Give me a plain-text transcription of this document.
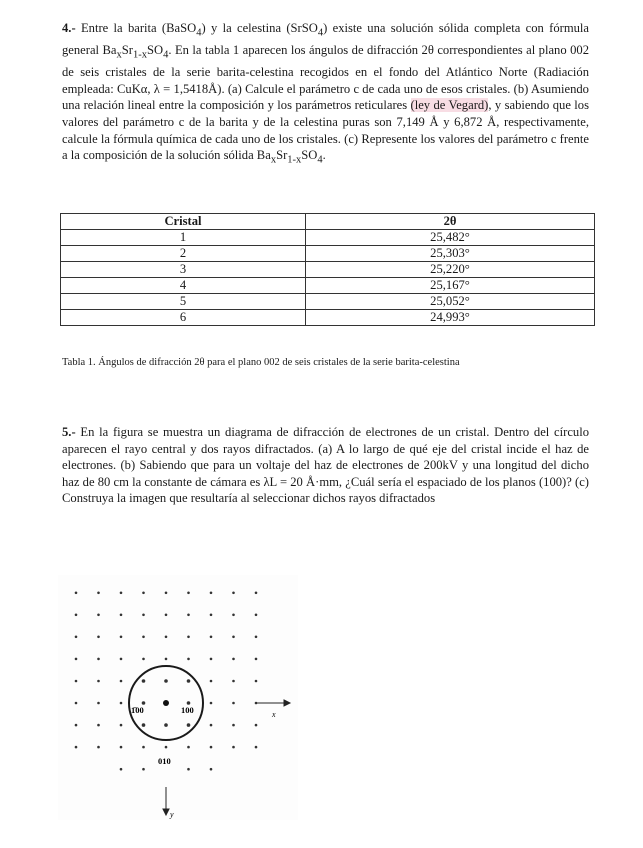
4.- Entre la barita (BaSO$_4$) y la celestina (SrSO$_4$) existe una solución sólida completa con fórmula general $Ba_xSr_{1-x}SO_4$. En la tabla 1 aparecen los ángulos de difracción 2θ correspondientes al plano 002 de seis cristales de la serie barita-celestina recogidos en el fondo del Atlántico Norte (Radiación empleada: CuKα, λ = 1,5418Å). (a) Calcule el parámetro c de cada uno de esos cristales. (b) Asumiendo una relación lineal entre la composición y los parámetros reticulares (ley de Vegard), y sabiendo que los valores del parámetro c de la barita y de la celestina puras son 7,149 Å y 6,872 Å, respectivamente, calcule la fórmula química de cada uno de los cristales. (c) Represente los valores del parámetro c frente a la composición de la solución sólida $Ba_xSr_{1-x}SO_4$.
Cristal	2θ
1	25,482°
2	25,303°
3	25,220°
4	25,167°
5	25,052°
6	24,993°
Tabla 1. Ángulos de difracción 2θ para el plano 002 de seis cristales de la serie barita-celestina
5.- En la figura se muestra un diagrama de difracción de electrones de un cristal. Dentro del círculo aparecen el rayo central y dos rayos difractados. (a) A lo largo de qué eje del cristal incide el haz de electrones. (b) Sabiendo que para un voltaje del haz de electrones de 200kV y una longitud del dicho haz de 80 cm la constante de cámara es λL = 20 Å·mm, ¿Cuál sería el espaciado de los planos (100)? (c) Construya la imagen que resultaría al seleccionar dichos rayos difractados
1̄00	100
010
x
y
